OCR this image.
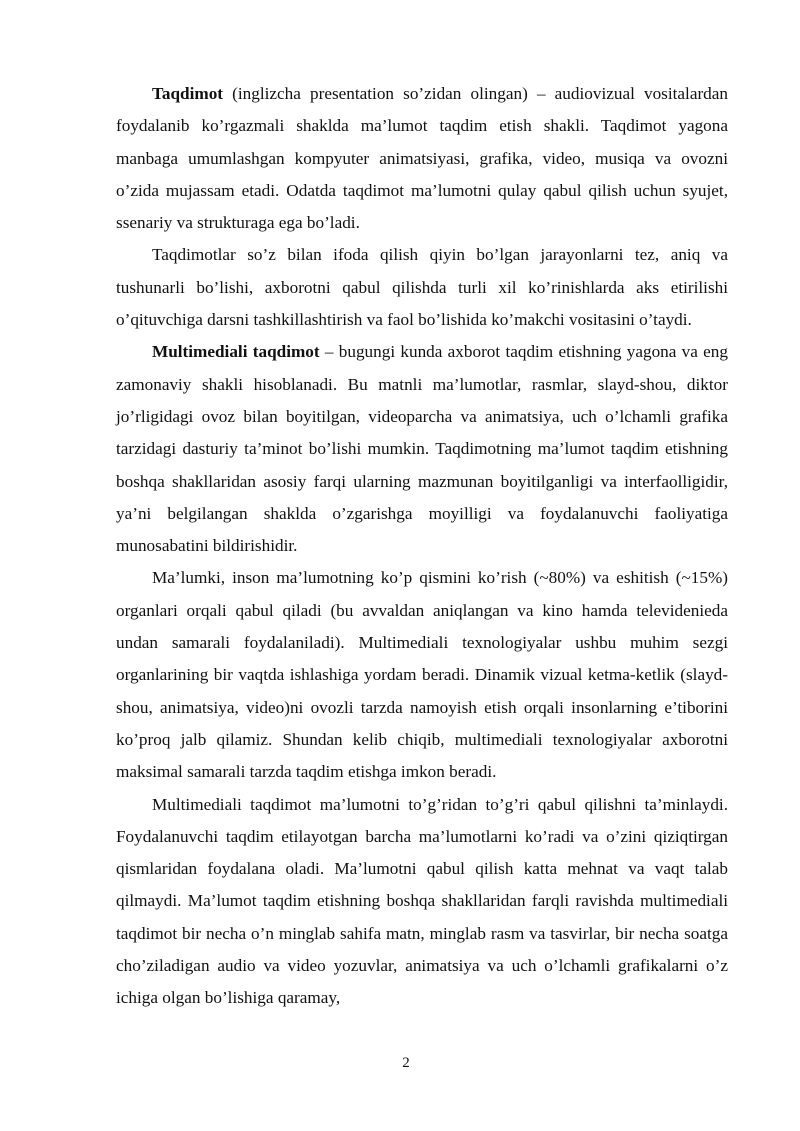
Taqdimot (inglizcha presentation so’zidan olingan) – audiovizual vositalardan foydalanib ko’rgazmali shaklda ma’lumot taqdim etish shakli. Taqdimot yagona manbaga umumlashgan kompyuter animatsiyasi, grafika, video, musiqa va ovozni o’zida mujassam etadi. Odatda taqdimot ma’lumotni qulay qabul qilish uchun syujet, ssenariy va strukturaga ega bo’ladi.

Taqdimotlar so’z bilan ifoda qilish qiyin bo’lgan jarayonlarni tez, aniq va tushunarli bo’lishi, axborotni qabul qilishda turli xil ko’rinishlarda aks etirilishi o’qituvchiga darsni tashkillashtirish va faol bo’lishida ko’makchi vositasini o’taydi.

Multimediali taqdimot – bugungi kunda axborot taqdim etishning yagona va eng zamonaviy shakli hisoblanadi. Bu matnli ma’lumotlar, rasmlar, slayd-shou, diktor jo’rligidagi ovoz bilan boyitilgan, videoparcha va animatsiya, uch o’lchamli grafika tarzidagi dasturiy ta’minot bo’lishi mumkin. Taqdimotning ma’lumot taqdim etishning boshqa shakllaridan asosiy farqi ularning mazmunan boyitilganligi va interfaolligidir, ya’ni belgilangan shaklda o’zgarishga moyilligi va foydalanuvchi faoliyatiga munosabatini bildirishidir.

Ma’lumki, inson ma’lumotning ko’p qismini ko’rish (~80%) va eshitish (~15%) organlari orqali qabul qiladi (bu avvaldan aniqlangan va kino hamda televidenieda undan samarali foydalaniladi). Multimediali texnologiyalar ushbu muhim sezgi organlarining bir vaqtda ishlashiga yordam beradi. Dinamik vizual ketma-ketlik (slayd-shou, animatsiya, video)ni ovozli tarzda namoyish etish orqali insonlarning e’tiborini ko’proq jalb qilamiz. Shundan kelib chiqib, multimediali texnologiyalar axborotni maksimal samarali tarzda taqdim etishga imkon beradi.

Multimediali taqdimot ma’lumotni to’g’ridan to’g’ri qabul qilishni ta’minlaydi. Foydalanuvchi taqdim etilayotgan barcha ma’lumotlarni ko’radi va o’zini qiziqtirgan qismlaridan foydalana oladi. Ma’lumotni qabul qilish katta mehnat va vaqt talab qilmaydi. Ma’lumot taqdim etishning boshqa shakllaridan farqli ravishda multimediali taqdimot bir necha o’n minglab sahifa matn, minglab rasm va tasvirlar, bir necha soatga cho’ziladigan audio va video yozuvlar, animatsiya va uch o’lchamli grafikalarni o’z ichiga olgan bo’lishiga qaramay,

2
